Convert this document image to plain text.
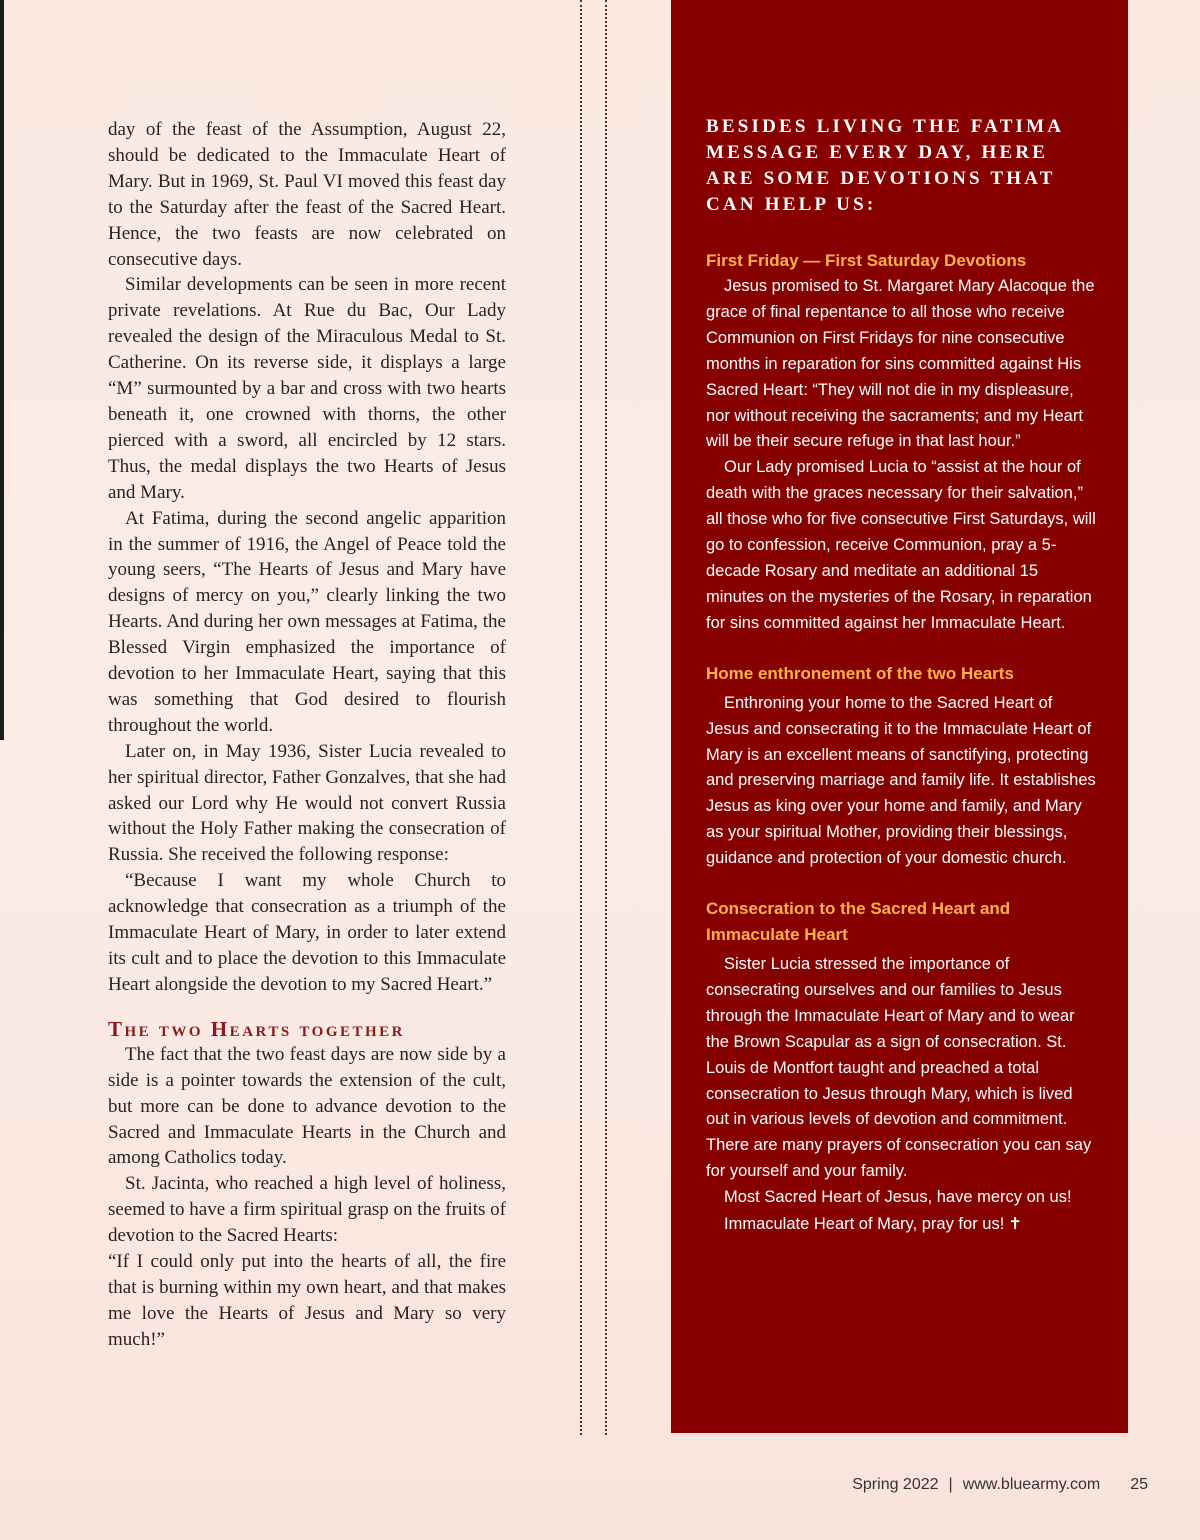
day of the feast of the Assumption, August 22, should be dedicated to the Immaculate Heart of Mary. But in 1969, St. Paul VI moved this feast day to the Saturday after the feast of the Sacred Heart. Hence, the two feasts are now celebrated on consecutive days.

Similar developments can be seen in more recent private revelations. At Rue du Bac, Our Lady revealed the design of the Miraculous Medal to St. Catherine. On its reverse side, it displays a large “M” surmounted by a bar and cross with two hearts beneath it, one crowned with thorns, the other pierced with a sword, all encircled by 12 stars. Thus, the medal displays the two Hearts of Jesus and Mary.

At Fatima, during the second angelic apparition in the summer of 1916, the Angel of Peace told the young seers, “The Hearts of Jesus and Mary have designs of mercy on you,” clearly linking the two Hearts. And during her own messages at Fatima, the Blessed Virgin emphasized the importance of devotion to her Immaculate Heart, saying that this was something that God desired to flourish throughout the world.

Later on, in May 1936, Sister Lucia revealed to her spiritual director, Father Gonzalves, that she had asked our Lord why He would not convert Russia without the Holy Father making the consecration of Russia. She received the following response:

“Because I want my whole Church to acknowledge that consecration as a triumph of the Immaculate Heart of Mary, in order to later extend its cult and to place the devotion to this Immaculate Heart alongside the devotion to my Sacred Heart.”

The two Hearts together

The fact that the two feast days are now side by a side is a pointer towards the extension of the cult, but more can be done to advance devotion to the Sacred and Immaculate Hearts in the Church and among Catholics today.

St. Jacinta, who reached a high level of holiness, seemed to have a firm spiritual grasp on the fruits of devotion to the Sacred Hearts:

“If I could only put into the hearts of all, the fire that is burning within my own heart, and that makes me love the Hearts of Jesus and Mary so very much!”

BESIDES LIVING THE FATIMA MESSAGE EVERY DAY, HERE ARE SOME DEVOTIONS THAT CAN HELP US:
First Friday — First Saturday Devotions

Jesus promised to St. Margaret Mary Alacoque the grace of final repentance to all those who receive Communion on First Fridays for nine consecutive months in reparation for sins committed against His Sacred Heart: “They will not die in my displeasure, nor without receiving the sacraments; and my Heart will be their secure refuge in that last hour.”

Our Lady promised Lucia to “assist at the hour of death with the graces necessary for their salvation,” all those who for five consecutive First Saturdays, will go to confession, receive Communion, pray a 5-decade Rosary and meditate an additional 15 minutes on the mysteries of the Rosary, in reparation for sins committed against her Immaculate Heart.

Home enthronement of the two Hearts

Enthroning your home to the Sacred Heart of Jesus and consecrating it to the Immaculate Heart of Mary is an excellent means of sanctifying, protecting and preserving marriage and family life. It establishes Jesus as king over your home and family, and Mary as your spiritual Mother, providing their blessings, guidance and protection of your domestic church.

Consecration to the Sacred Heart and Immaculate Heart

Sister Lucia stressed the importance of consecrating ourselves and our families to Jesus through the Immaculate Heart of Mary and to wear the Brown Scapular as a sign of consecration. St. Louis de Montfort taught and preached a total consecration to Jesus through Mary, which is lived out in various levels of devotion and commitment. There are many prayers of consecration you can say for yourself and your family.

Most Sacred Heart of Jesus, have mercy on us!

Immaculate Heart of Mary, pray for us! ✝

Spring 2022 | www.bluearmy.com 25
